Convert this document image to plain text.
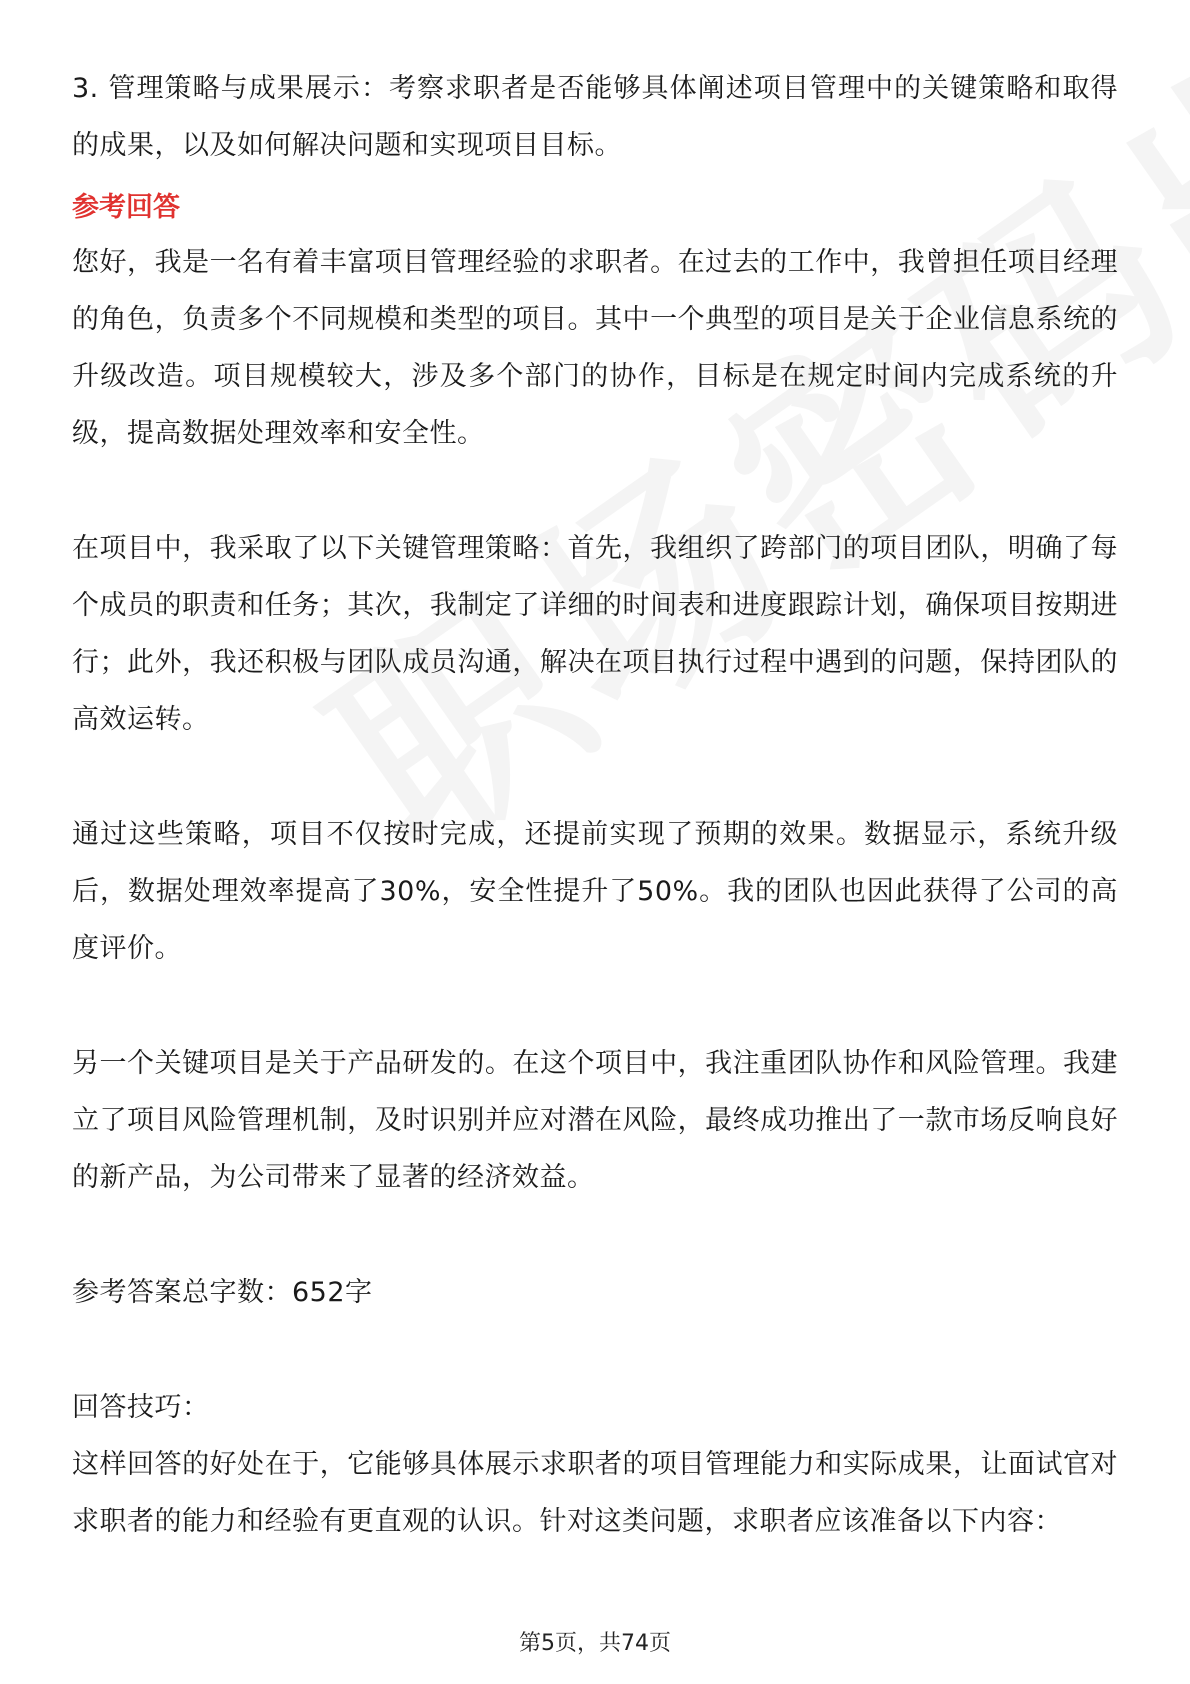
3. 管理策略与成果展示：考察求职者是否能够具体阐述项目管理中的关键策略和取得的成果，以及如何解决问题和实现项目目标。

参考回答

您好，我是一名有着丰富项目管理经验的求职者。在过去的工作中，我曾担任项目经理的角色，负责多个不同规模和类型的项目。其中一个典型的项目是关于企业信息系统的升级改造。项目规模较大，涉及多个部门的协作，目标是在规定时间内完成系统的升级，提高数据处理效率和安全性。

在项目中，我采取了以下关键管理策略：首先，我组织了跨部门的项目团队，明确了每个成员的职责和任务；其次，我制定了详细的时间表和进度跟踪计划，确保项目按期进行；此外，我还积极与团队成员沟通，解决在项目执行过程中遇到的问题，保持团队的高效运转。

通过这些策略，项目不仅按时完成，还提前实现了预期的效果。数据显示，系统升级后，数据处理效率提高了30%，安全性提升了50%。我的团队也因此获得了公司的高度评价。

另一个关键项目是关于产品研发的。在这个项目中，我注重团队协作和风险管理。我建立了项目风险管理机制，及时识别并应对潜在风险，最终成功推出了一款市场反响良好的新产品，为公司带来了显著的经济效益。

参考答案总字数：652字

回答技巧：

这样回答的好处在于，它能够具体展示求职者的项目管理能力和实际成果，让面试官对求职者的能力和经验有更直观的认识。针对这类问题，求职者应该准备以下内容：

第5页，共74页
